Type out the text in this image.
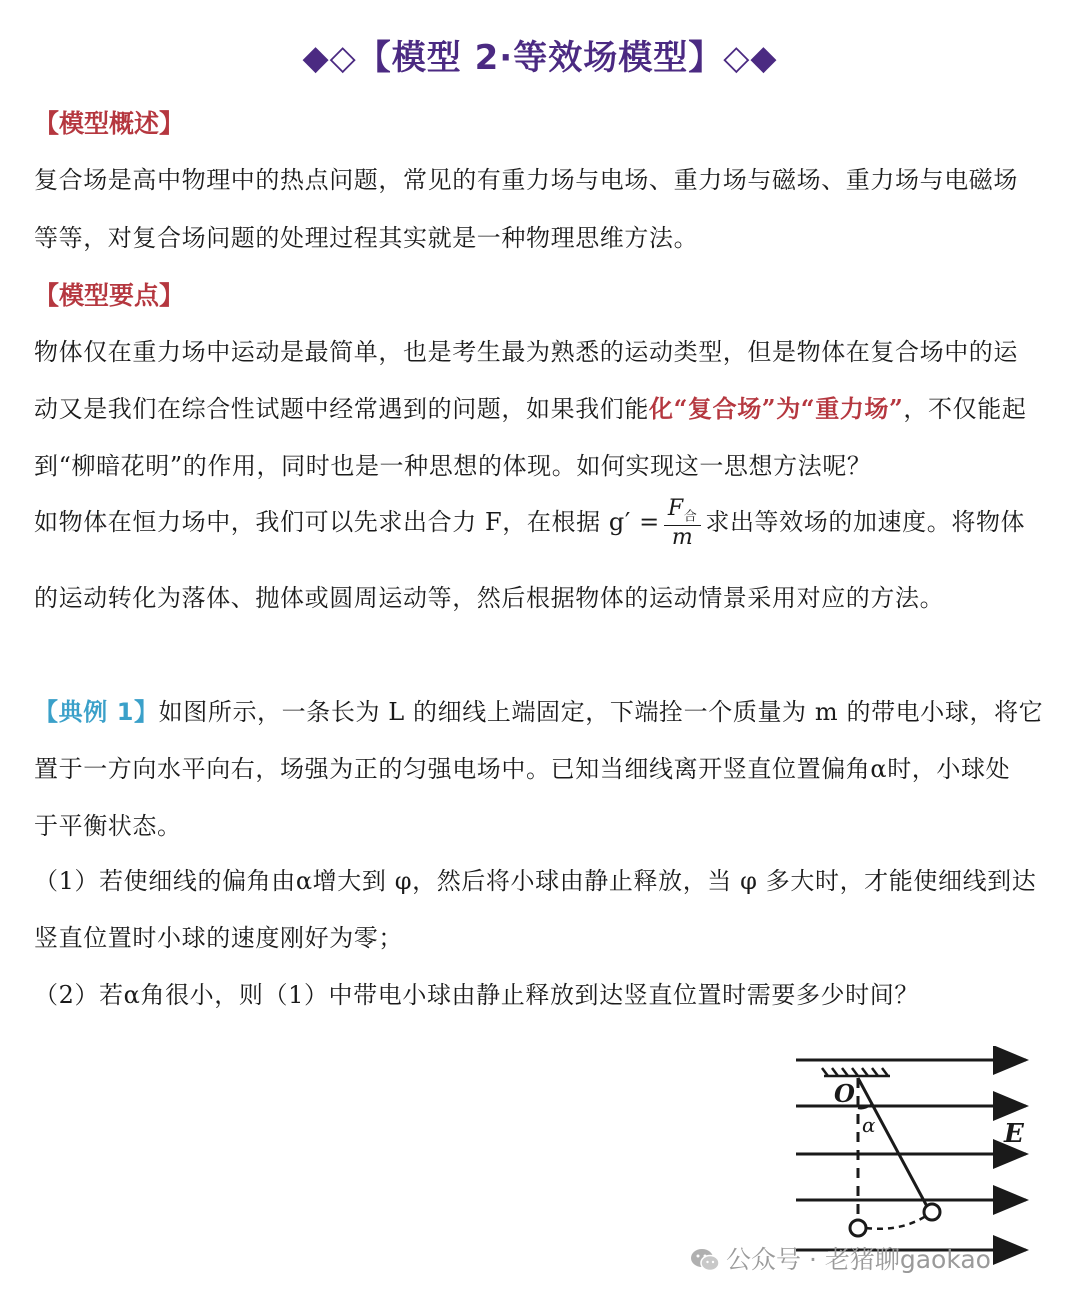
◆◇【模型 2·等效场模型】◇◆
【模型概述】
复合场是高中物理中的热点问题，常见的有重力场与电场、重力场与磁场、重力场与电磁场
等等，对复合场问题的处理过程其实就是一种物理思维方法。
【模型要点】
物体仅在重力场中运动是最简单，也是考生最为熟悉的运动类型，但是物体在复合场中的运
动又是我们在综合性试题中经常遇到的问题，如果我们能化“复合场”为“重力场”，不仅能起
到“柳暗花明”的作用，同时也是一种思想的体现。如何实现这一思想方法呢？
如物体在恒力场中，我们可以先求出合力 F，在根据 $g' = \frac{F_合}{m}$ 求出等效场的加速度。将物体
的运动转化为落体、抛体或圆周运动等，然后根据物体的运动情景采用对应的方法。
【典例 1】如图所示，一条长为 L 的细线上端固定，下端拴一个质量为 m 的带电小球，将它
置于一方向水平向右，场强为正的匀强电场中。已知当细线离开竖直位置偏角α时，小球处
于平衡状态。
（1）若使细线的偏角由α增大到 φ，然后将小球由静止释放，当 φ 多大时，才能使细线到达
竖直位置时小球的速度刚好为零；
（2）若α角很小，则（1）中带电小球由静止释放到达竖直位置时需要多少时间？
O
α	E
公众号 · 老猪聊gaokao
